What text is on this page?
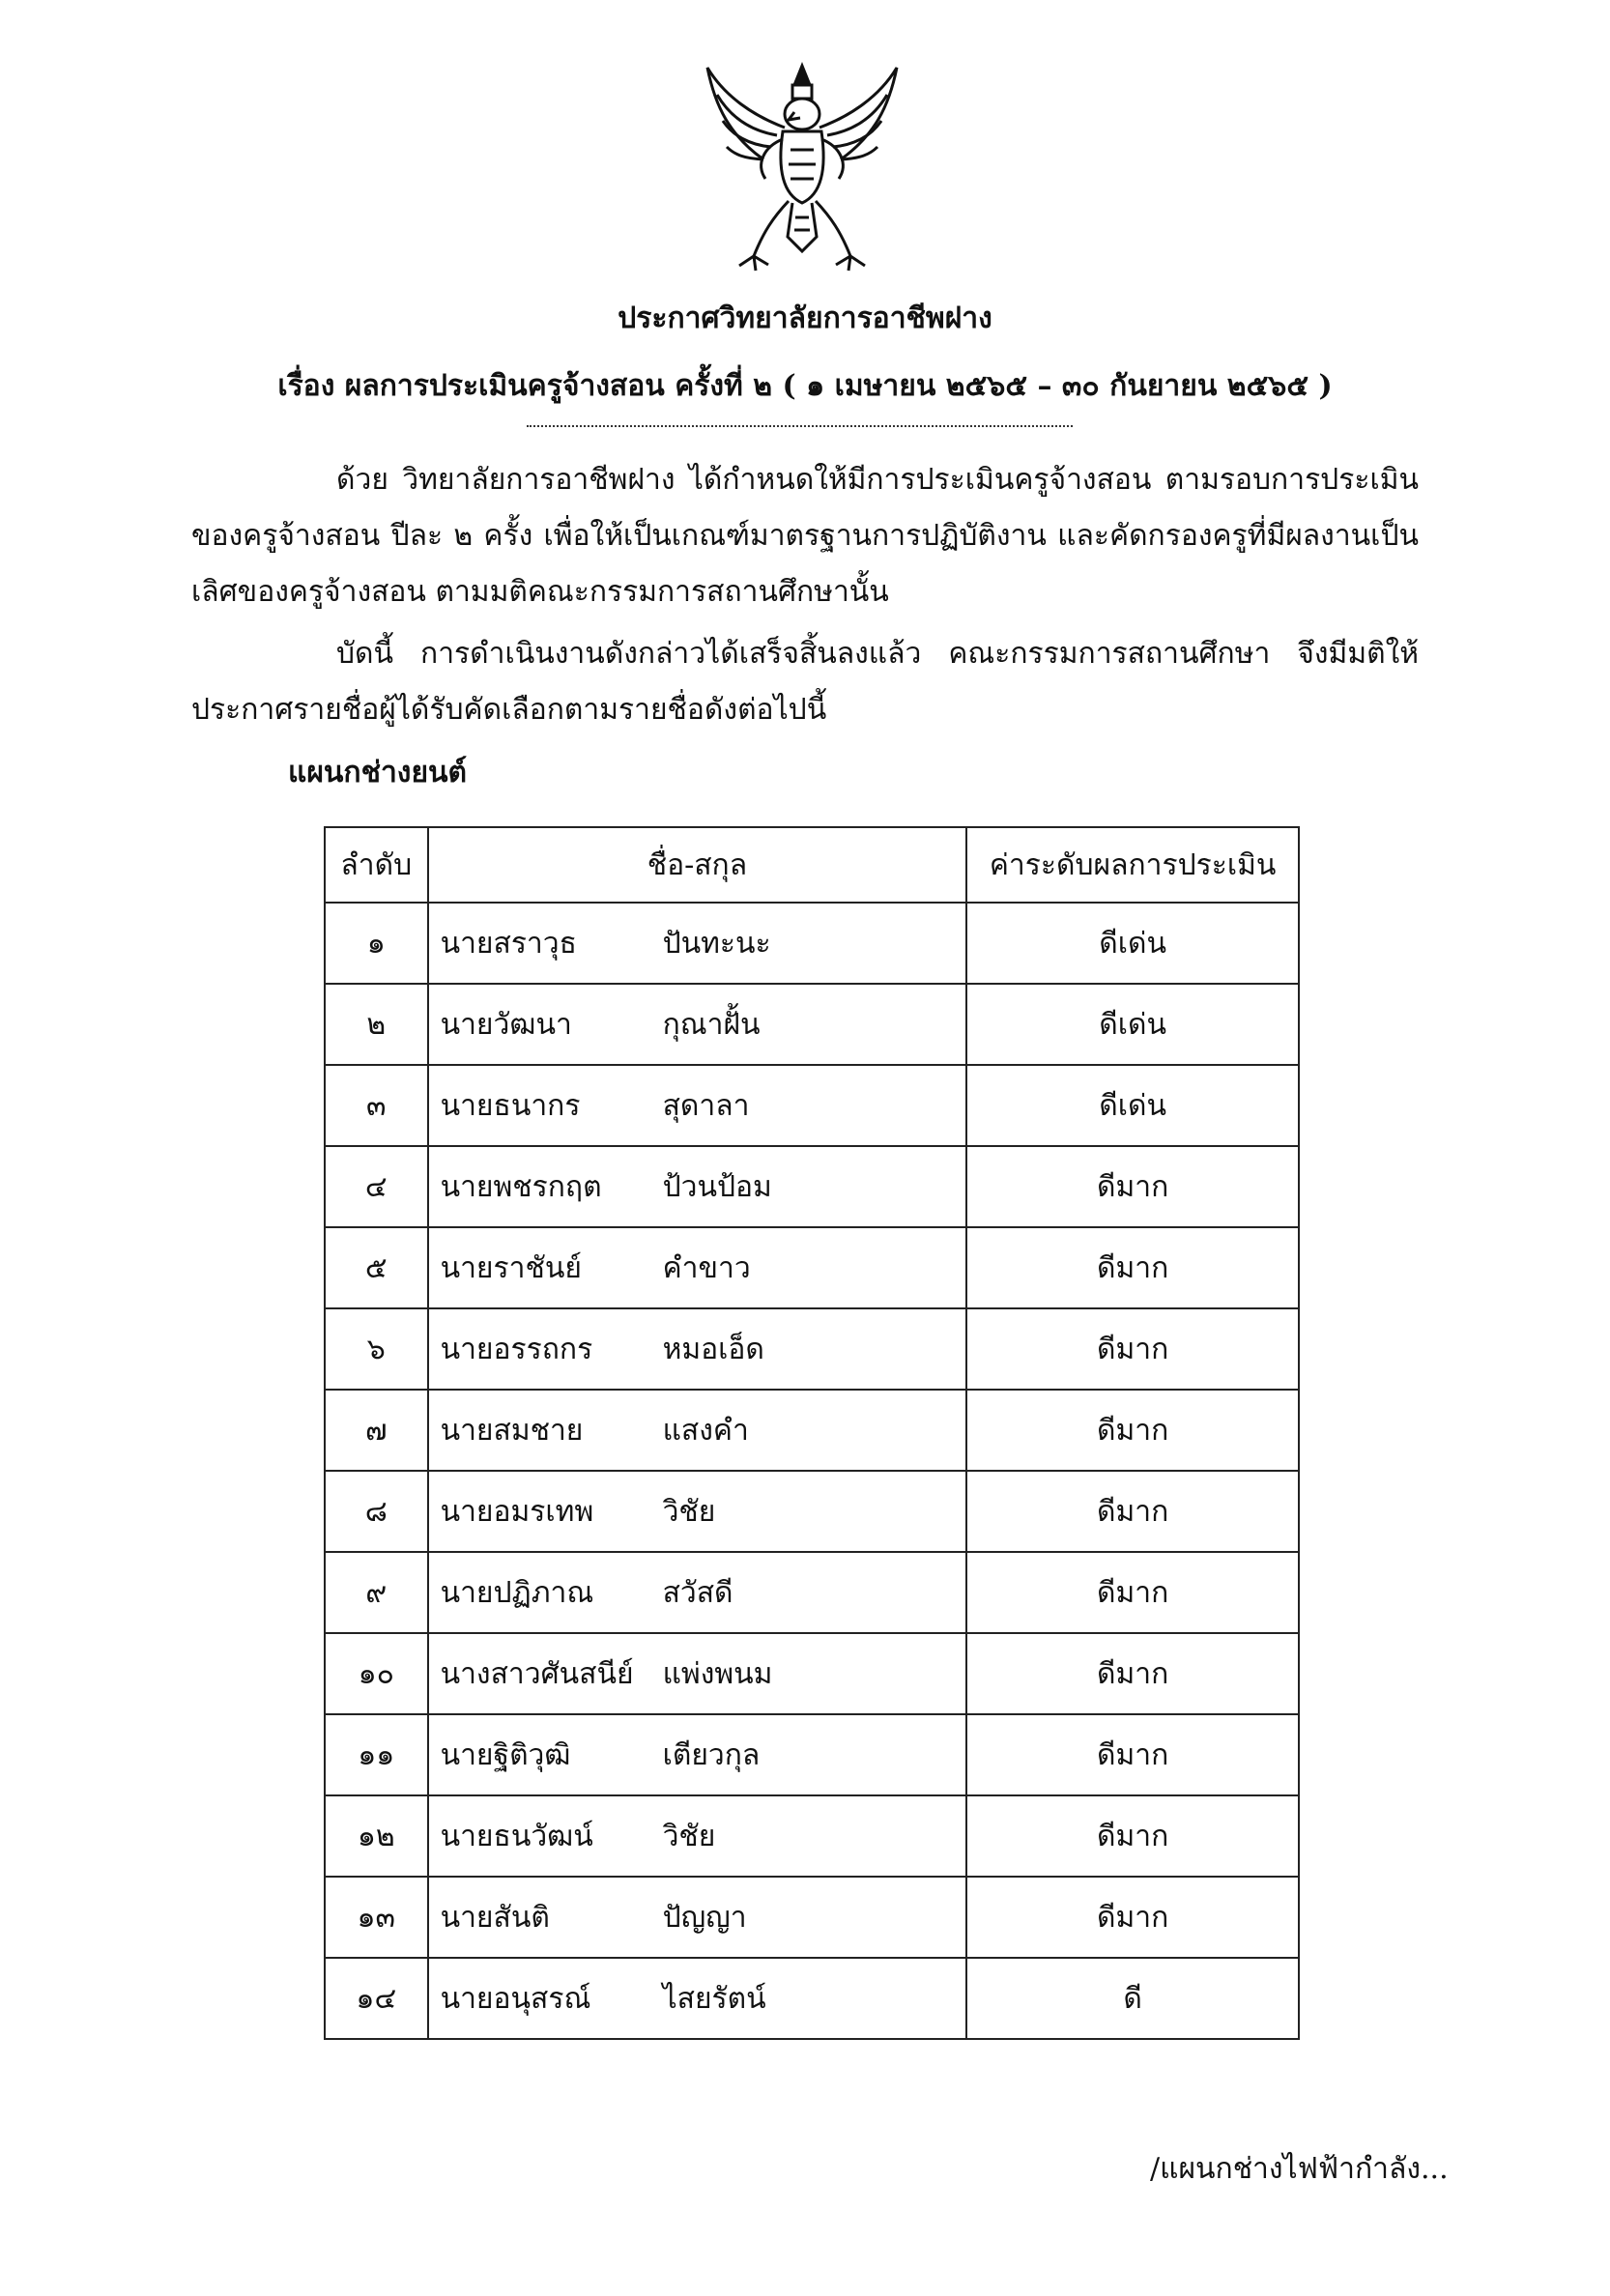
ประกาศวิทยาลัยการอาชีพฝาง
เรื่อง ผลการประเมินครูจ้างสอน ครั้งที่ ๒ ( ๑ เมษายน ๒๕๖๕ – ๓๐ กันยายน ๒๕๖๕ )
ด้วย วิทยาลัยการอาชีพฝาง ได้กำหนดให้มีการประเมินครูจ้างสอน ตามรอบการประเมินของครูจ้างสอน ปีละ ๒ ครั้ง เพื่อให้เป็นเกณฑ์มาตรฐานการปฏิบัติงาน และคัดกรองครูที่มีผลงานเป็นเลิศของครูจ้างสอน ตามมติคณะกรรมการสถานศึกษานั้น
บัดนี้ การดำเนินงานดังกล่าวได้เสร็จสิ้นลงแล้ว คณะกรรมการสถานศึกษา จึงมีมติให้ประกาศรายชื่อผู้ได้รับคัดเลือกตามรายชื่อดังต่อไปนี้
แผนกช่างยนต์
ลำดับ	ชื่อ-สกุล	ค่าระดับผลการประเมิน
๑	นายสราวุธ ปันทะนะ	ดีเด่น
๒	นายวัฒนา กุณาฝั้น	ดีเด่น
๓	นายธนากร สุดาลา	ดีเด่น
๔	นายพชรกฤต ป้วนป้อม	ดีมาก
๕	นายราชันย์ คำขาว	ดีมาก
๖	นายอรรถกร หมอเอ็ด	ดีมาก
๗	นายสมชาย แสงคำ	ดีมาก
๘	นายอมรเทพ วิชัย	ดีมาก
๙	นายปฏิภาณ สวัสดี	ดีมาก
๑๐	นางสาวศันสนีย์ แพ่งพนม	ดีมาก
๑๑	นายฐิติวุฒิ เตียวกุล	ดีมาก
๑๒	นายธนวัฒน์ วิชัย	ดีมาก
๑๓	นายสันติ ปัญญา	ดีมาก
๑๔	นายอนุสรณ์ ไสยรัตน์	ดี
/แผนกช่างไฟฟ้ากำลัง...
